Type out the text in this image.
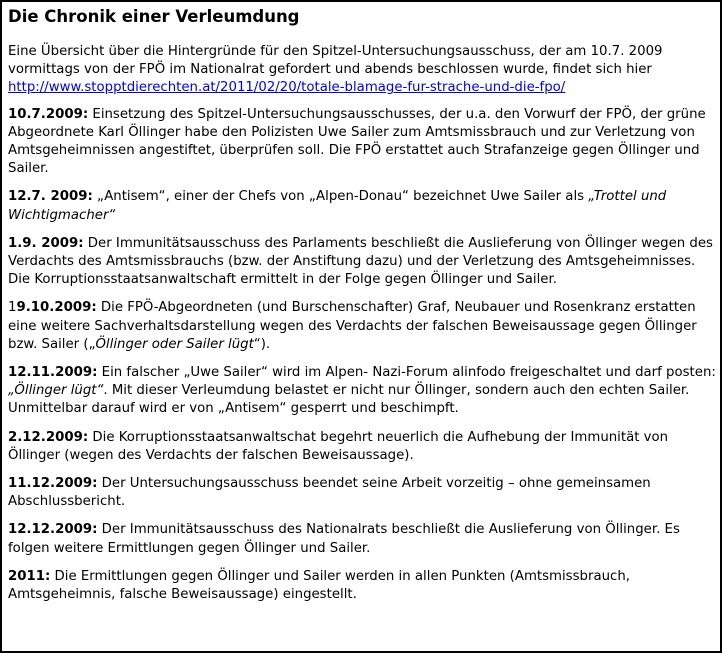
Die Chronik einer Verleumdung

Eine Übersicht über die Hintergründe für den Spitzel-Untersuchungsausschuss, der am 10.7. 2009 vormittags von der FPÖ im Nationalrat gefordert und abends beschlossen wurde, findet sich hier
http://www.stopptdierechten.at/2011/02/20/totale-blamage-fur-strache-und-die-fpo/

10.7.2009: Einsetzung des Spitzel-Untersuchungsausschusses, der u.a. den Vorwurf der FPÖ, der grüne Abgeordnete Karl Öllinger habe den Polizisten Uwe Sailer zum Amtsmissbrauch und zur Verletzung von Amtsgeheimnissen angestiftet, überprüfen soll. Die FPÖ erstattet auch Strafanzeige gegen Öllinger und Sailer.

12.7. 2009: „Antisem“, einer der Chefs von „Alpen-Donau“ bezeichnet Uwe Sailer als „Trottel und Wichtigmacher“

1.9. 2009: Der Immunitätsausschuss des Parlaments beschließt die Auslieferung von Öllinger wegen des Verdachts des Amtsmissbrauchs (bzw. der Anstiftung dazu) und der Verletzung des Amtsgeheimnisses. Die Korruptionsstaatsanwaltschaft ermittelt in der Folge gegen Öllinger und Sailer.

19.10.2009: Die FPÖ-Abgeordneten (und Burschenschafter) Graf, Neubauer und Rosenkranz erstatten eine weitere Sachverhaltsdarstellung wegen des Verdachts der falschen Beweisaussage gegen Öllinger bzw. Sailer („Öllinger oder Sailer lügt“).

12.11.2009: Ein falscher „Uwe Sailer“ wird im Alpen- Nazi-Forum alinfodo freigeschaltet und darf posten: „Öllinger lügt“. Mit dieser Verleumdung belastet er nicht nur Öllinger, sondern auch den echten Sailer. Unmittelbar darauf wird er von „Antisem“ gesperrt und beschimpft.

2.12.2009: Die Korruptionsstaatsanwaltschat begehrt neuerlich die Aufhebung der Immunität von Öllinger (wegen des Verdachts der falschen Beweisaussage).

11.12.2009: Der Untersuchungsausschuss beendet seine Arbeit vorzeitig – ohne gemeinsamen Abschlussbericht.

12.12.2009: Der Immunitätsausschuss des Nationalrats beschließt die Auslieferung von Öllinger. Es folgen weitere Ermittlungen gegen Öllinger und Sailer.

2011: Die Ermittlungen gegen Öllinger und Sailer werden in allen Punkten (Amtsmissbrauch, Amtsgeheimnis, falsche Beweisaussage) eingestellt.
